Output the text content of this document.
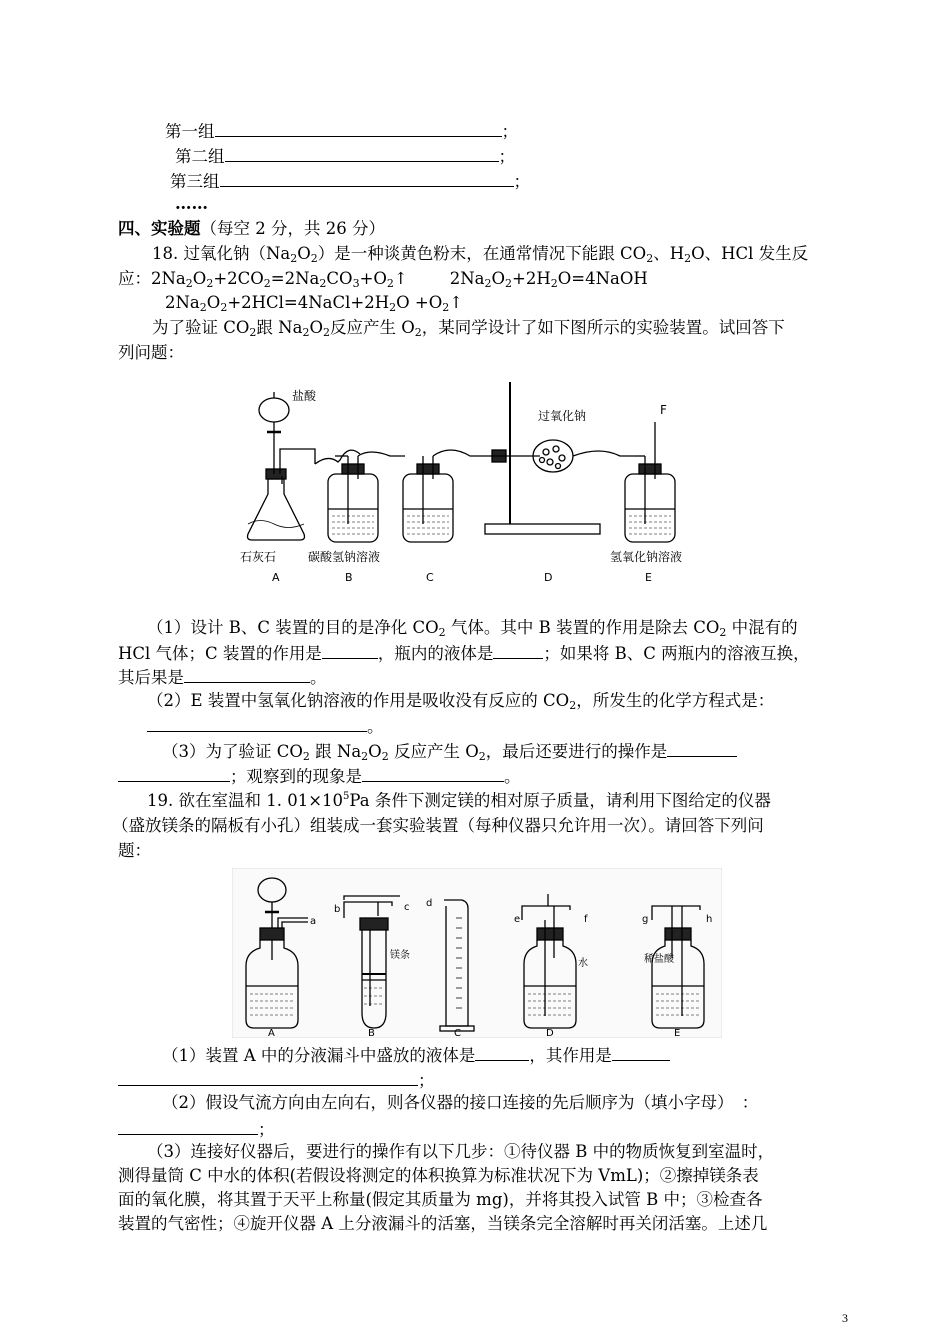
第一组	；
第二组	；
第三组	；
……
四、实验题（每空 2 分，共 26 分）
18. 过氧化钠$(Na_2O_2)$是一种谈黄色粉末，在通常情况下能跟 $CO_2$、$H_2O$、HCl 发生反
应：$2Na_2O_2+2CO_2=2Na_2CO_3+O_2↑$        $2Na_2O_2+2H_2O=4NaOH$
$2Na_2O_2+2HCl=4NaCl+2H_2O$ $+O_2↑$
为了验证 $CO_2$跟 $Na_2O_2$反应产生 $O_2$，某同学设计了如下图所示的实验装置。试回答下
列问题：
盐酸
过氧化钠	F
石灰石	碳酸氢钠溶液	氢氧化钠溶液
A	B	C	D	E
（1）设计 B、C 装置的目的是净化 $CO_2$ 气体。其中 B 装置的作用是除去 $CO_2$ 中混有的
HCl 气体；C 装置的作用是	，瓶内的液体是	；如果将 B、C 两瓶内的溶液互换，
其后果是	。
（2）E 装置中氢氧化钠溶液的作用是吸收没有反应的 $CO_2$，所发生的化学方程式是：
。
（3）为了验证 $CO_2$ 跟 $Na_2O_2$ 反应产生 $O_2$，最后还要进行的操作是
；观察到的现象是	。
19. 欲在室温和 1. $01\times 10^5Pa$ 条件下测定镁的相对原子质量，请利用下图给定的仪器
（盛放镁条的隔板有小孔）组装成一套实验装置（每种仪器只允许用一次）。请回答下列问
题：
a
b	c d
e	f	g	h
镁条
水	稀盐酸
A	B	C	D	E
（1）装置 A 中的分液漏斗中盛放的液体是	，其作用是
；
（2）假设气流方向由左向右，则各仪器的接口连接的先后顺序为（填小字母）　：
；
（3）连接好仪器后，要进行的操作有以下几步：①待仪器 B 中的物质恢复到室温时，
测得量筒 C 中水的体积(若假设将测定的体积换算为标准状况下为 VmL)；②擦掉镁条表
面的氧化膜，将其置于天平上称量(假定其质量为 mg)，并将其投入试管 B 中；③检查各
装置的气密性；④旋开仪器 A 上分液漏斗的活塞，当镁条完全溶解时再关闭活塞。上述几
3
